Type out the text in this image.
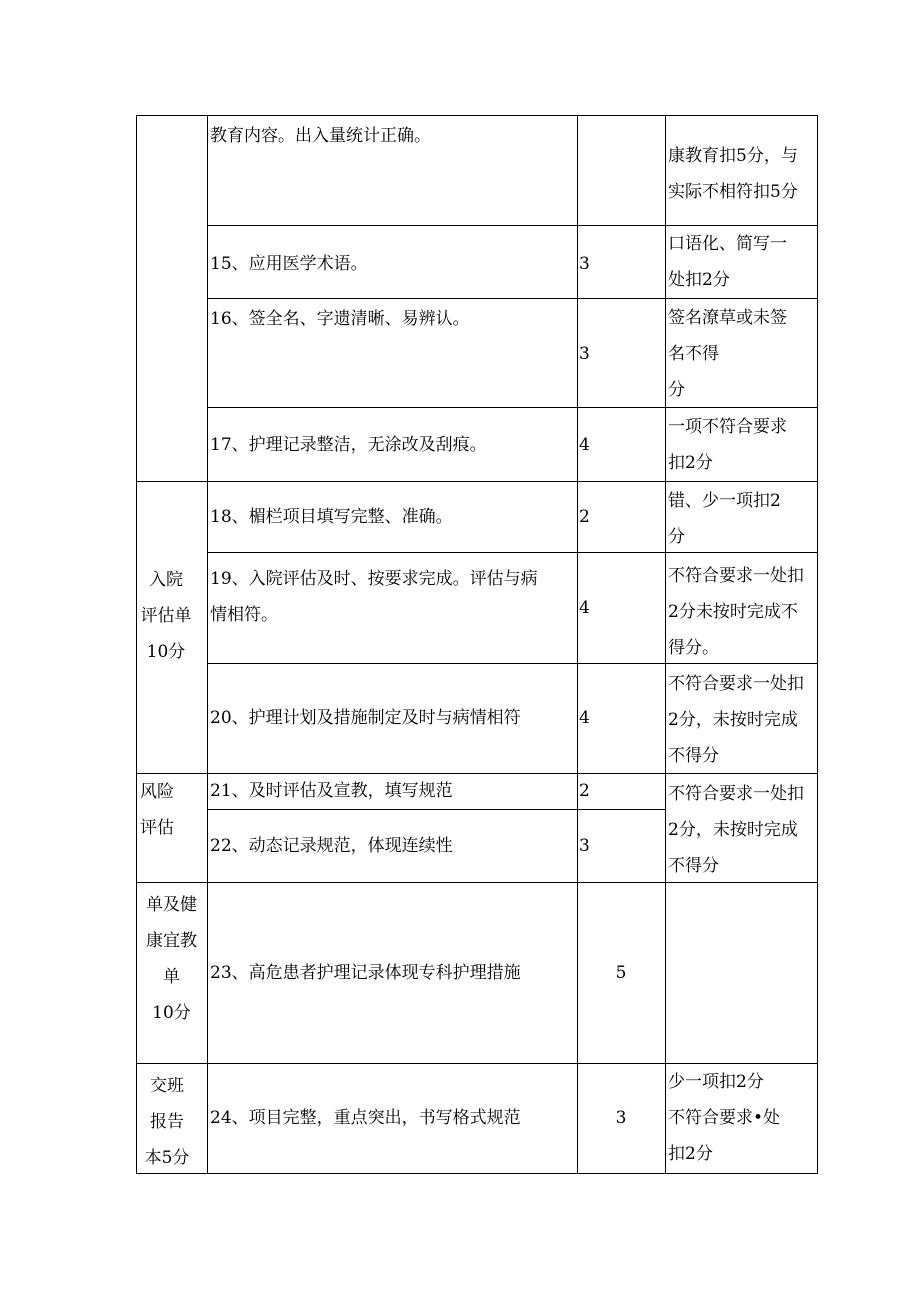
入院
评估单
10分
风险
评估
单及健
康宜教
单
10分
交班
报告
本5分
教育内容。出入量统计正确。
15、应用医学术语。
16、签全名、字遗清晰、易辨认。
17、护理记录整洁，无涂改及刮痕。
18、楣栏项目填写完整、准确。
19、入院评估及时、按要求完成。评估与病
情相符。
20、护理计划及措施制定及时与病情相符
21、及时评估及宣教，填写规范
22、动态记录规范，体现连续性
23、高危患者护理记录体现专科护理措施
24、项目完整，重点突出，书写格式规范
3
3
4
2
4
4
2
3
5
3
康教育扣5分，与
实际不相符扣5分
口语化、简写一
处扣2分
签名潦草或未签
名不得
分
一项不符合要求
扣2分
错、少一项扣2
分
不符合要求一处扣
2分未按时完成不
得分。
不符合要求一处扣
2分，未按时完成
不得分
不符合要求一处扣
2分，未按时完成
不得分
少一项扣2分
不符合要求•处
扣2分
